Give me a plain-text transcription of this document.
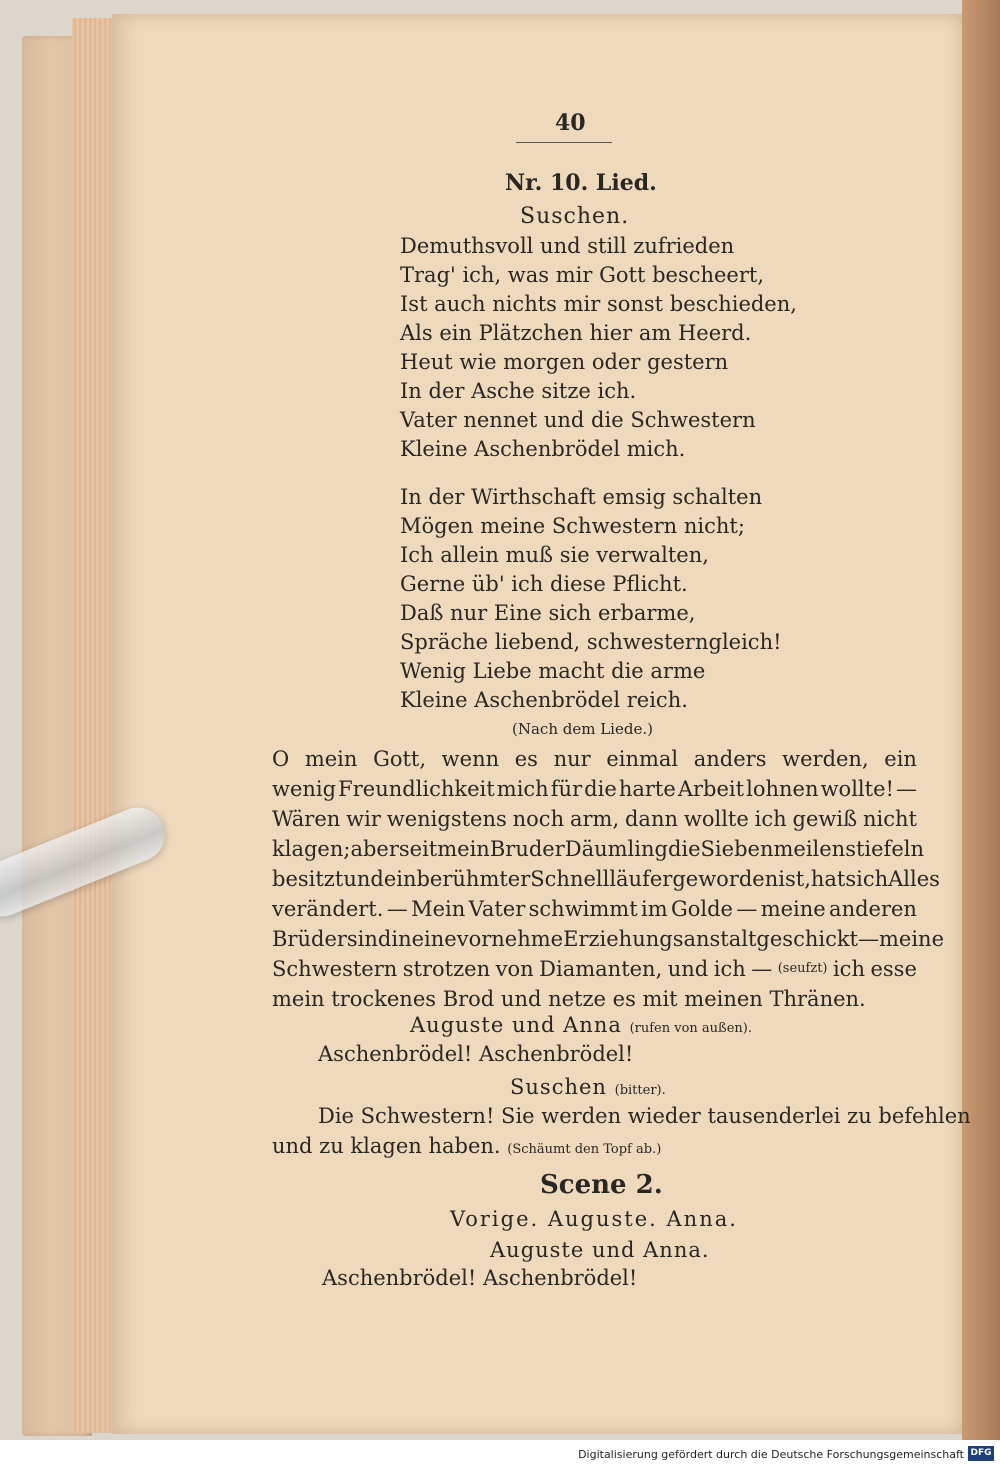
40
Nr. 10. Lied.
Suschen.
Demuthsvoll und still zufrieden
Trag' ich, was mir Gott bescheert,
Ist auch nichts mir sonst beschieden,
Als ein Plätzchen hier am Heerd.
Heut wie morgen oder gestern
In der Asche sitze ich.
Vater nennet und die Schwestern
Kleine Aschenbrödel mich.
In der Wirthschaft emsig schalten
Mögen meine Schwestern nicht;
Ich allein muß sie verwalten,
Gerne üb' ich diese Pflicht.
Daß nur Eine sich erbarme,
Spräche liebend, schwesterngleich!
Wenig Liebe macht die arme
Kleine Aschenbrödel reich.
(Nach dem Liede.)
O mein Gott, wenn es nur einmal anders werden, ein
wenig Freundlichkeit mich für die harte Arbeit lohnen wollte! —
Wären wir wenigstens noch arm, dann wollte ich gewiß nicht
klagen; aber seit mein Bruder Däumling die Siebenmeilenstiefeln
besitzt und ein berühmter Schnellläufer geworden ist, hat sich Alles
verändert. — Mein Vater schwimmt im Golde — meine anderen
Brüder sind in eine vornehme Erziehungsanstalt geschickt — meine
Schwestern strotzen von Diamanten, und ich — (seufzt) ich esse
mein trockenes Brod und netze es mit meinen Thränen.
Auguste und Anna (rufen von außen).
Aschenbrödel! Aschenbrödel!
Suschen (bitter).
Die Schwestern! Sie werden wieder tausenderlei zu befehlen
und zu klagen haben. (Schäumt den Topf ab.)
Scene 2.
Vorige. Auguste. Anna.
Auguste und Anna.
Aschenbrödel! Aschenbrödel!
Digitalisierung gefördert durch die Deutsche Forschungsgemeinschaft DFG
